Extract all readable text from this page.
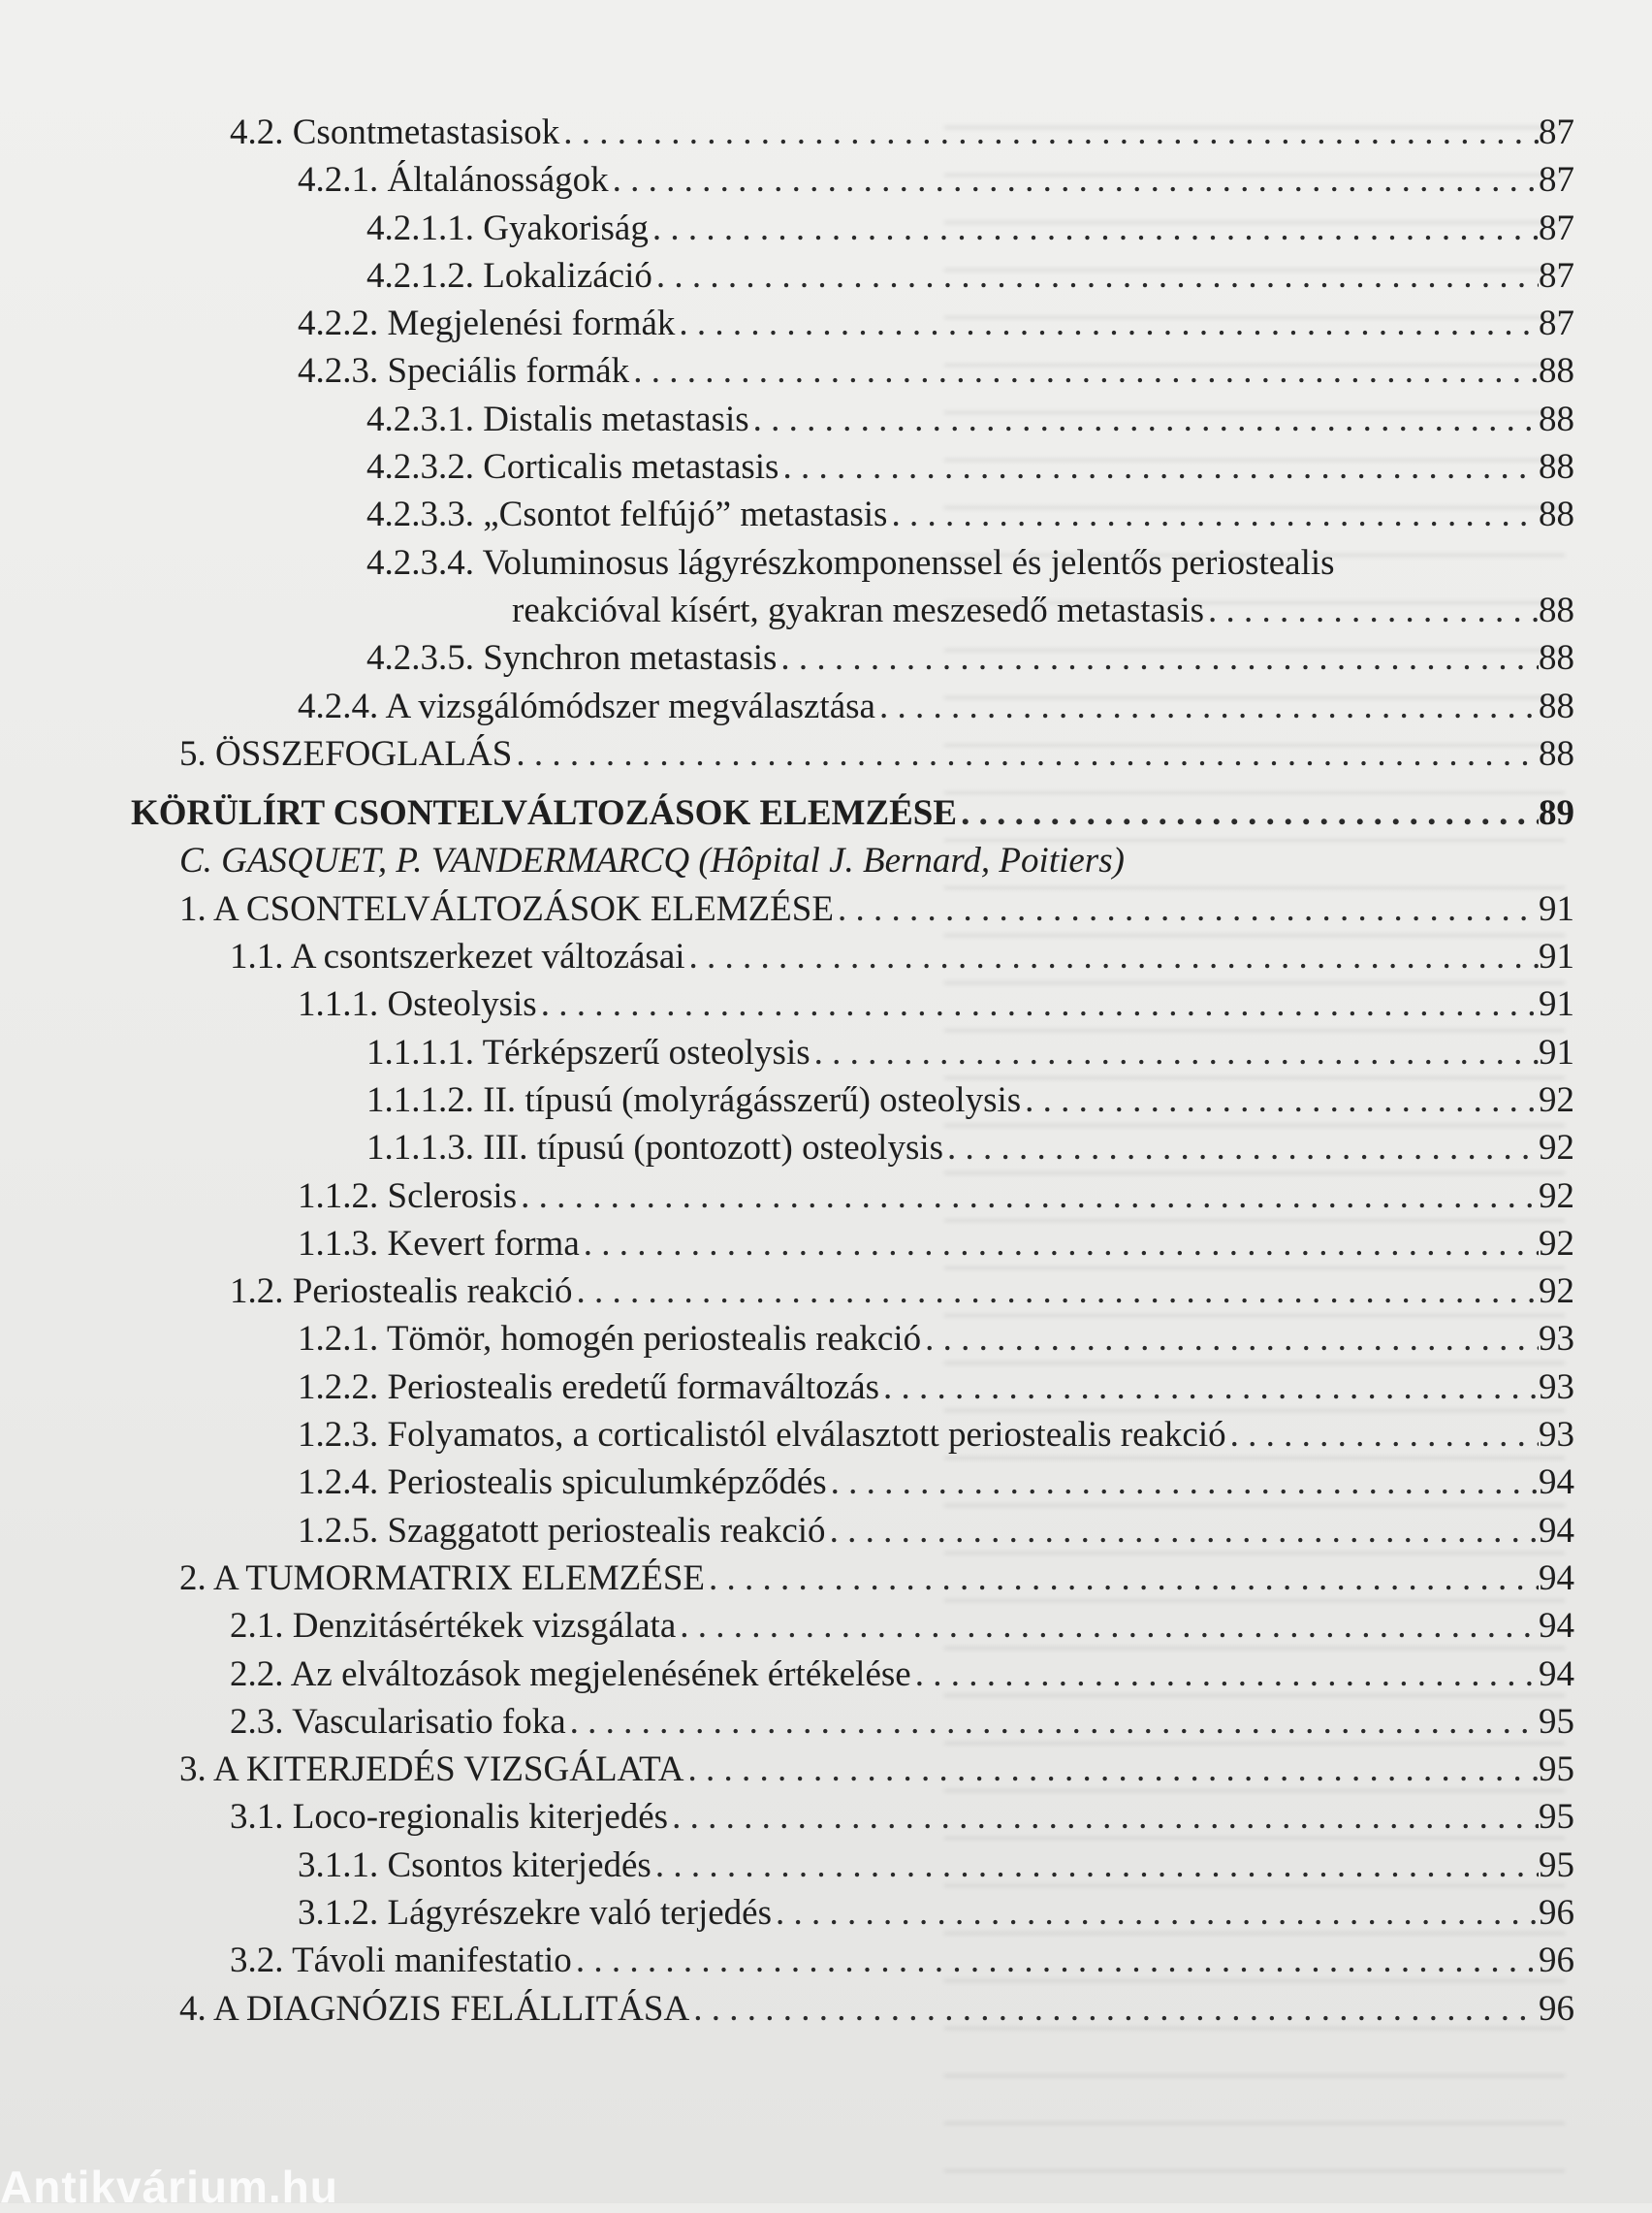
4.2. Csontmetastasisok . . .	87
4.2.1. Általánosságok . . .	87
4.2.1.1. Gyakoriság . . .	87
4.2.1.2. Lokalizáció . . .	87
4.2.2. Megjelenési formák . . .	87
4.2.3. Speciális formák . . .	88
4.2.3.1. Distalis metastasis . . .	88
4.2.3.2. Corticalis metastasis . . .	88
4.2.3.3. „Csontot felfújó” metastasis . . .	88
4.2.3.4. Voluminosus lágyrészkomponenssel és jelentős periostealis
reakcióval kísért, gyakran meszesedő metastasis . . .	88
4.2.3.5. Synchron metastasis . . .	88
4.2.4. A vizsgálómódszer megválasztása . . .	88
5. ÖSSZEFOGLALÁS . . .	88
KÖRÜLÍRT CSONTELVÁLTOZÁSOK ELEMZÉSE . . .	89
C. GASQUET, P. VANDERMARCQ (Hôpital J. Bernard, Poitiers)
1. A CSONTELVÁLTOZÁSOK ELEMZÉSE . . .	91
1.1. A csontszerkezet változásai . . .	91
1.1.1. Osteolysis . . .	91
1.1.1.1. Térképszerű osteolysis . . .	91
1.1.1.2. II. típusú (molyrágásszerű) osteolysis . . .	92
1.1.1.3. III. típusú (pontozott) osteolysis . . .	92
1.1.2. Sclerosis . . .	92
1.1.3. Kevert forma . . .	92
1.2. Periostealis reakció . . .	92
1.2.1. Tömör, homogén periostealis reakció . . .	93
1.2.2. Periostealis eredetű formaváltozás . . .	93
1.2.3. Folyamatos, a corticalistól elválasztott periostealis reakció . . .	93
1.2.4. Periostealis spiculumképződés . . .	94
1.2.5. Szaggatott periostealis reakció . . .	94
2. A TUMORMATRIX ELEMZÉSE . . .	94
2.1. Denzitásértékek vizsgálata . . .	94
2.2. Az elváltozások megjelenésének értékelése . . .	94
2.3. Vascularisatio foka . . .	95
3. A KITERJEDÉS VIZSGÁLATA . . .	95
3.1. Loco-regionalis kiterjedés . . .	95
3.1.1. Csontos kiterjedés . . .	95
3.1.2. Lágyrészekre való terjedés . . .	96
3.2. Távoli manifestatio . . .	96
4. A DIAGNÓZIS FELÁLLITÁSA . . .	96
Antikvárium.hu
